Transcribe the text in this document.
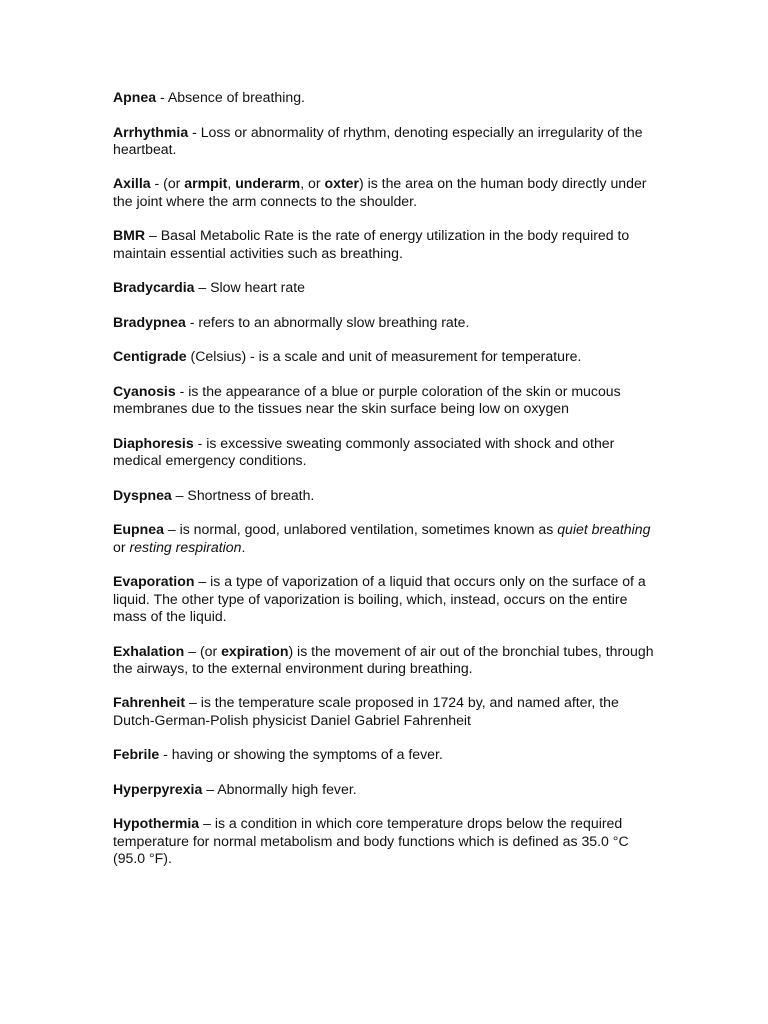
Apnea - Absence of breathing.

Arrhythmia - Loss or abnormality of rhythm, denoting especially an irregularity of the heartbeat.

Axilla - (or armpit, underarm, or oxter) is the area on the human body directly under the joint where the arm connects to the shoulder.

BMR – Basal Metabolic Rate is the rate of energy utilization in the body required to maintain essential activities such as breathing.

Bradycardia – Slow heart rate

Bradypnea - refers to an abnormally slow breathing rate.

Centigrade (Celsius) - is a scale and unit of measurement for temperature.

Cyanosis - is the appearance of a blue or purple coloration of the skin or mucous membranes due to the tissues near the skin surface being low on oxygen

Diaphoresis - is excessive sweating commonly associated with shock and other medical emergency conditions.

Dyspnea – Shortness of breath.

Eupnea – is normal, good, unlabored ventilation, sometimes known as quiet breathing or resting respiration.

Evaporation – is a type of vaporization of a liquid that occurs only on the surface of a liquid. The other type of vaporization is boiling, which, instead, occurs on the entire mass of the liquid.

Exhalation – (or expiration) is the movement of air out of the bronchial tubes, through the airways, to the external environment during breathing.

Fahrenheit – is the temperature scale proposed in 1724 by, and named after, the Dutch-German-Polish physicist Daniel Gabriel Fahrenheit

Febrile - having or showing the symptoms of a fever.

Hyperpyrexia – Abnormally high fever.

Hypothermia – is a condition in which core temperature drops below the required temperature for normal metabolism and body functions which is defined as 35.0 °C (95.0 °F).
